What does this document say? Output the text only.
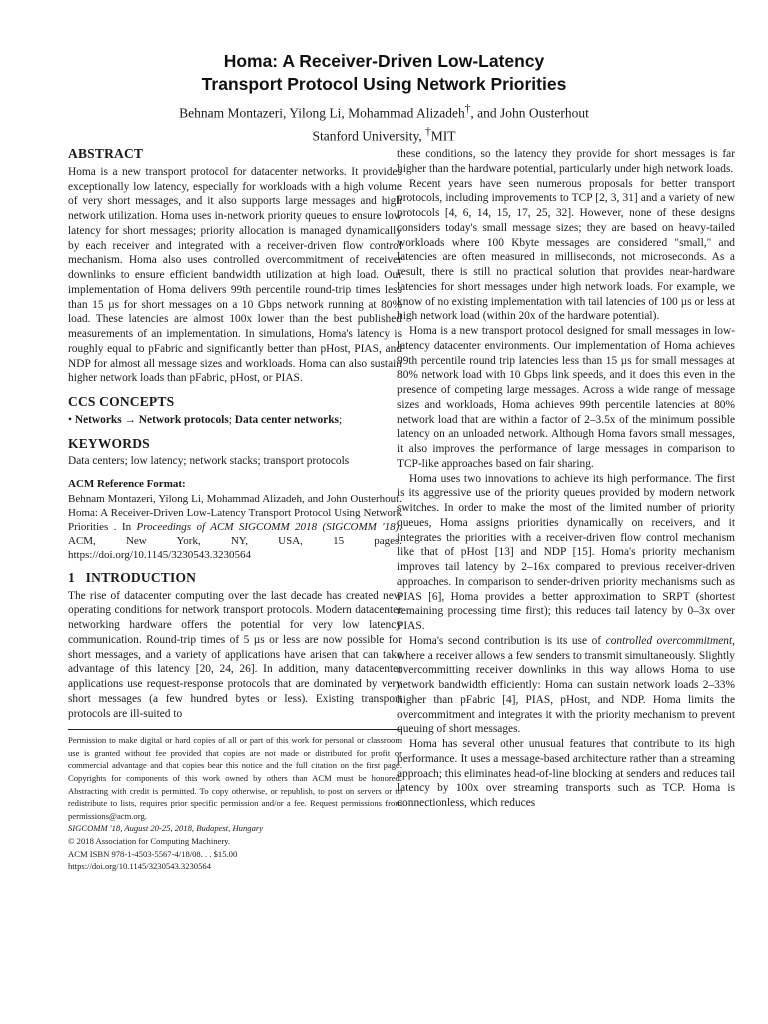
Homa: A Receiver-Driven Low-Latency
Transport Protocol Using Network Priorities
Behnam Montazeri, Yilong Li, Mohammad Alizadeh†, and John Ousterhout
Stanford University, †MIT
ABSTRACT

Homa is a new transport protocol for datacenter networks. It provides exceptionally low latency, especially for workloads with a high volume of very short messages, and it also supports large messages and high network utilization. Homa uses in-network priority queues to ensure low latency for short messages; priority allocation is managed dynamically by each receiver and integrated with a receiver-driven flow control mechanism. Homa also uses controlled overcommitment of receiver downlinks to ensure efficient bandwidth utilization at high load. Our implementation of Homa delivers 99th percentile round-trip times less than 15 µs for short messages on a 10 Gbps network running at 80% load. These latencies are almost 100x lower than the best published measurements of an implementation. In simulations, Homa's latency is roughly equal to pFabric and significantly better than pHost, PIAS, and NDP for almost all message sizes and workloads. Homa can also sustain higher network loads than pFabric, pHost, or PIAS.

CCS CONCEPTS

• Networks → Network protocols; Data center networks;

KEYWORDS

Data centers; low latency; network stacks; transport protocols

ACM Reference Format:

Behnam Montazeri, Yilong Li, Mohammad Alizadeh, and John Ousterhout. Homa: A Receiver-Driven Low-Latency Transport Protocol Using Network Priorities . In Proceedings of ACM SIGCOMM 2018 (SIGCOMM '18). ACM, New York, NY, USA, 15 pages. https://doi.org/10.1145/3230543.3230564

1   INTRODUCTION

The rise of datacenter computing over the last decade has created new operating conditions for network transport protocols. Modern datacenter networking hardware offers the potential for very low latency communication. Round-trip times of 5 µs or less are now possible for short messages, and a variety of applications have arisen that can take advantage of this latency [20, 24, 26]. In addition, many datacenter applications use request-response protocols that are dominated by very short messages (a few hundred bytes or less). Existing transport protocols are ill-suited to

Permission to make digital or hard copies of all or part of this work for personal or classroom use is granted without fee provided that copies are not made or distributed for profit or commercial advantage and that copies bear this notice and the full citation on the first page. Copyrights for components of this work owned by others than ACM must be honored. Abstracting with credit is permitted. To copy otherwise, or republish, to post on servers or to redistribute to lists, requires prior specific permission and/or a fee. Request permissions from permissions@acm.org.

SIGCOMM '18, August 20-25, 2018, Budapest, Hungary

© 2018 Association for Computing Machinery.

ACM ISBN 978-1-4503-5567-4/18/08. . . $15.00

https://doi.org/10.1145/3230543.3230564

these conditions, so the latency they provide for short messages is far higher than the hardware potential, particularly under high network loads.

Recent years have seen numerous proposals for better transport protocols, including improvements to TCP [2, 3, 31] and a variety of new protocols [4, 6, 14, 15, 17, 25, 32]. However, none of these designs considers today's small message sizes; they are based on heavy-tailed workloads where 100 Kbyte messages are considered "small," and latencies are often measured in milliseconds, not microseconds. As a result, there is still no practical solution that provides near-hardware latencies for short messages under high network loads. For example, we know of no existing implementation with tail latencies of 100 µs or less at high network load (within 20x of the hardware potential).

Homa is a new transport protocol designed for small messages in low-latency datacenter environments. Our implementation of Homa achieves 99th percentile round trip latencies less than 15 µs for small messages at 80% network load with 10 Gbps link speeds, and it does this even in the presence of competing large messages. Across a wide range of message sizes and workloads, Homa achieves 99th percentile latencies at 80% network load that are within a factor of 2–3.5x of the minimum possible latency on an unloaded network. Although Homa favors small messages, it also improves the performance of large messages in comparison to TCP-like approaches based on fair sharing.

Homa uses two innovations to achieve its high performance. The first is its aggressive use of the priority queues provided by modern network switches. In order to make the most of the limited number of priority queues, Homa assigns priorities dynamically on receivers, and it integrates the priorities with a receiver-driven flow control mechanism like that of pHost [13] and NDP [15]. Homa's priority mechanism improves tail latency by 2–16x compared to previous receiver-driven approaches. In comparison to sender-driven priority mechanisms such as PIAS [6], Homa provides a better approximation to SRPT (shortest remaining processing time first); this reduces tail latency by 0–3x over PIAS.

Homa's second contribution is its use of controlled overcommitment, where a receiver allows a few senders to transmit simultaneously. Slightly overcommitting receiver downlinks in this way allows Homa to use network bandwidth efficiently: Homa can sustain network loads 2–33% higher than pFabric [4], PIAS, pHost, and NDP. Homa limits the overcommitment and integrates it with the priority mechanism to prevent queuing of short messages.

Homa has several other unusual features that contribute to its high performance. It uses a message-based architecture rather than a streaming approach; this eliminates head-of-line blocking at senders and reduces tail latency by 100x over streaming transports such as TCP. Homa is connectionless, which reduces
